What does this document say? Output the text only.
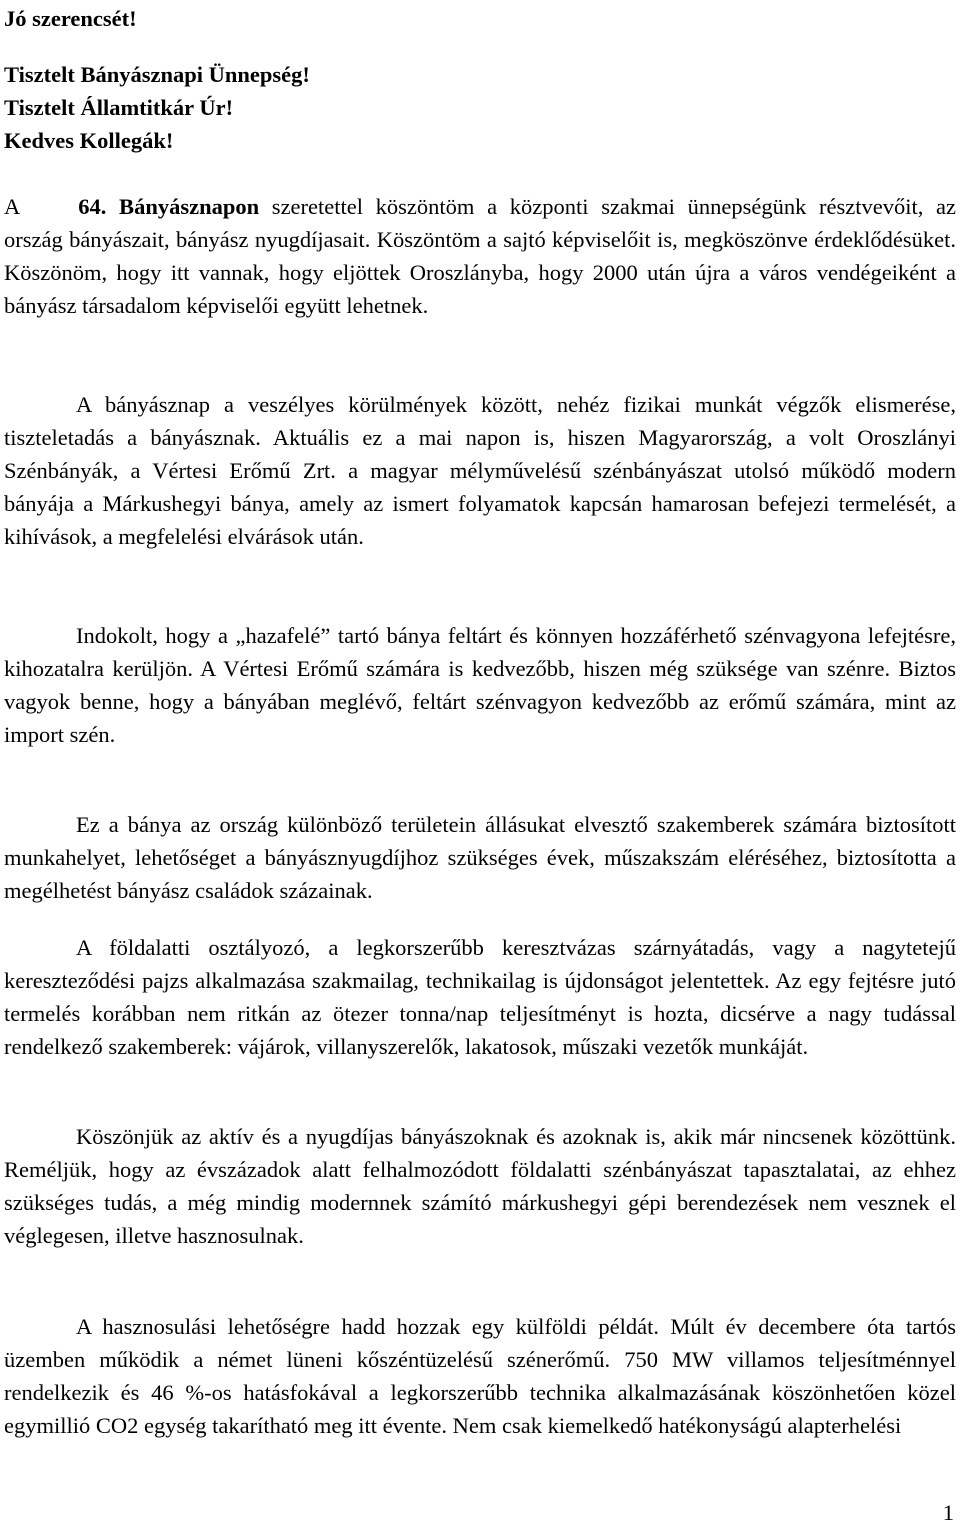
Jó szerencsét!
Tisztelt Bányásznapi Ünnepség!
Tisztelt Államtitkár Úr!
Kedves Kollegák!

A	64. Bányásznapon szeretettel köszöntöm a központi szakmai ünnepségünk résztvevőit, az ország bányászait, bányász nyugdíjasait. Köszöntöm a sajtó képviselőit is, megköszönve érdeklődésüket. Köszönöm, hogy itt vannak, hogy eljöttek Oroszlányba, hogy 2000 után újra a város vendégeiként a bányász társadalom képviselői együtt lehetnek.

A bányásznap a veszélyes körülmények között, nehéz fizikai munkát végzők elismerése, tiszteletadás a bányásznak. Aktuális ez a mai napon is, hiszen Magyarország, a volt Oroszlányi Szénbányák, a Vértesi Erőmű Zrt. a magyar mélyművelésű szénbányászat utolsó működő modern bányája a Márkushegyi bánya, amely az ismert folyamatok kapcsán hamarosan befejezi termelését, a kihívások, a megfelelési elvárások után.

Indokolt, hogy a „hazafelé” tartó bánya feltárt és könnyen hozzáférhető szénvagyona lefejtésre, kihozatalra kerüljön. A Vértesi Erőmű számára is kedvezőbb, hiszen még szüksége van szénre. Biztos vagyok benne, hogy a bányában meglévő, feltárt szénvagyon kedvezőbb az erőmű számára, mint az import szén.

Ez a bánya az ország különböző területein állásukat elvesztő szakemberek számára biztosított munkahelyet, lehetőséget a bányásznyugdíjhoz szükséges évek, műszakszám eléréséhez, biztosította a megélhetést bányász családok százainak.

A földalatti osztályozó, a legkorszerűbb keresztvázas szárnyátadás, vagy a nagytetejű kereszteződési pajzs alkalmazása szakmailag, technikailag is újdonságot jelentettek. Az egy fejtésre jutó termelés korábban nem ritkán az ötezer tonna/nap teljesítményt is hozta, dicsérve a nagy tudással rendelkező szakemberek: vájárok, villanyszerelők, lakatosok, műszaki vezetők munkáját.

Köszönjük az aktív és a nyugdíjas bányászoknak és azoknak is, akik már nincsenek közöttünk. Reméljük, hogy az évszázadok alatt felhalmozódott földalatti szénbányászat tapasztalatai, az ehhez szükséges tudás, a még mindig modernnek számító márkushegyi gépi berendezések nem vesznek el véglegesen, illetve hasznosulnak.

A hasznosulási lehetőségre hadd hozzak egy külföldi példát. Múlt év decembere óta tartós üzemben működik a német lüneni kőszéntüzelésű szénerőmű. 750 MW villamos teljesítménnyel rendelkezik és 46 %-os hatásfokával a legkorszerűbb technika alkalmazásának köszönhetően közel egymillió CO2 egység takarítható meg itt évente. Nem csak kiemelkedő hatékonyságú alapterhelési

1
